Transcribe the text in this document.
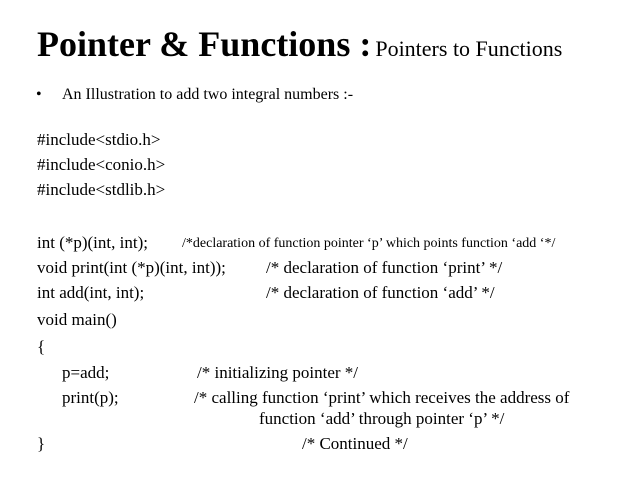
Pointer & Functions : Pointers to Functions
• An Illustration to add two integral numbers :-
#include<stdio.h>
#include<conio.h>
#include<stdlib.h>
int (*p)(int, int); /*declaration of function pointer ‘p’ which points function ‘add ‘*/
void print(int (*p)(int, int)); /* declaration of function ‘print’ */
int add(int, int);	/* declaration of function ‘add’ */
void main()
{
p=add;	/* initializing pointer */
print(p);	/* calling function ‘print’ which receives the address of
function ‘add’ through pointer ‘p’ */
}	/* Continued */
